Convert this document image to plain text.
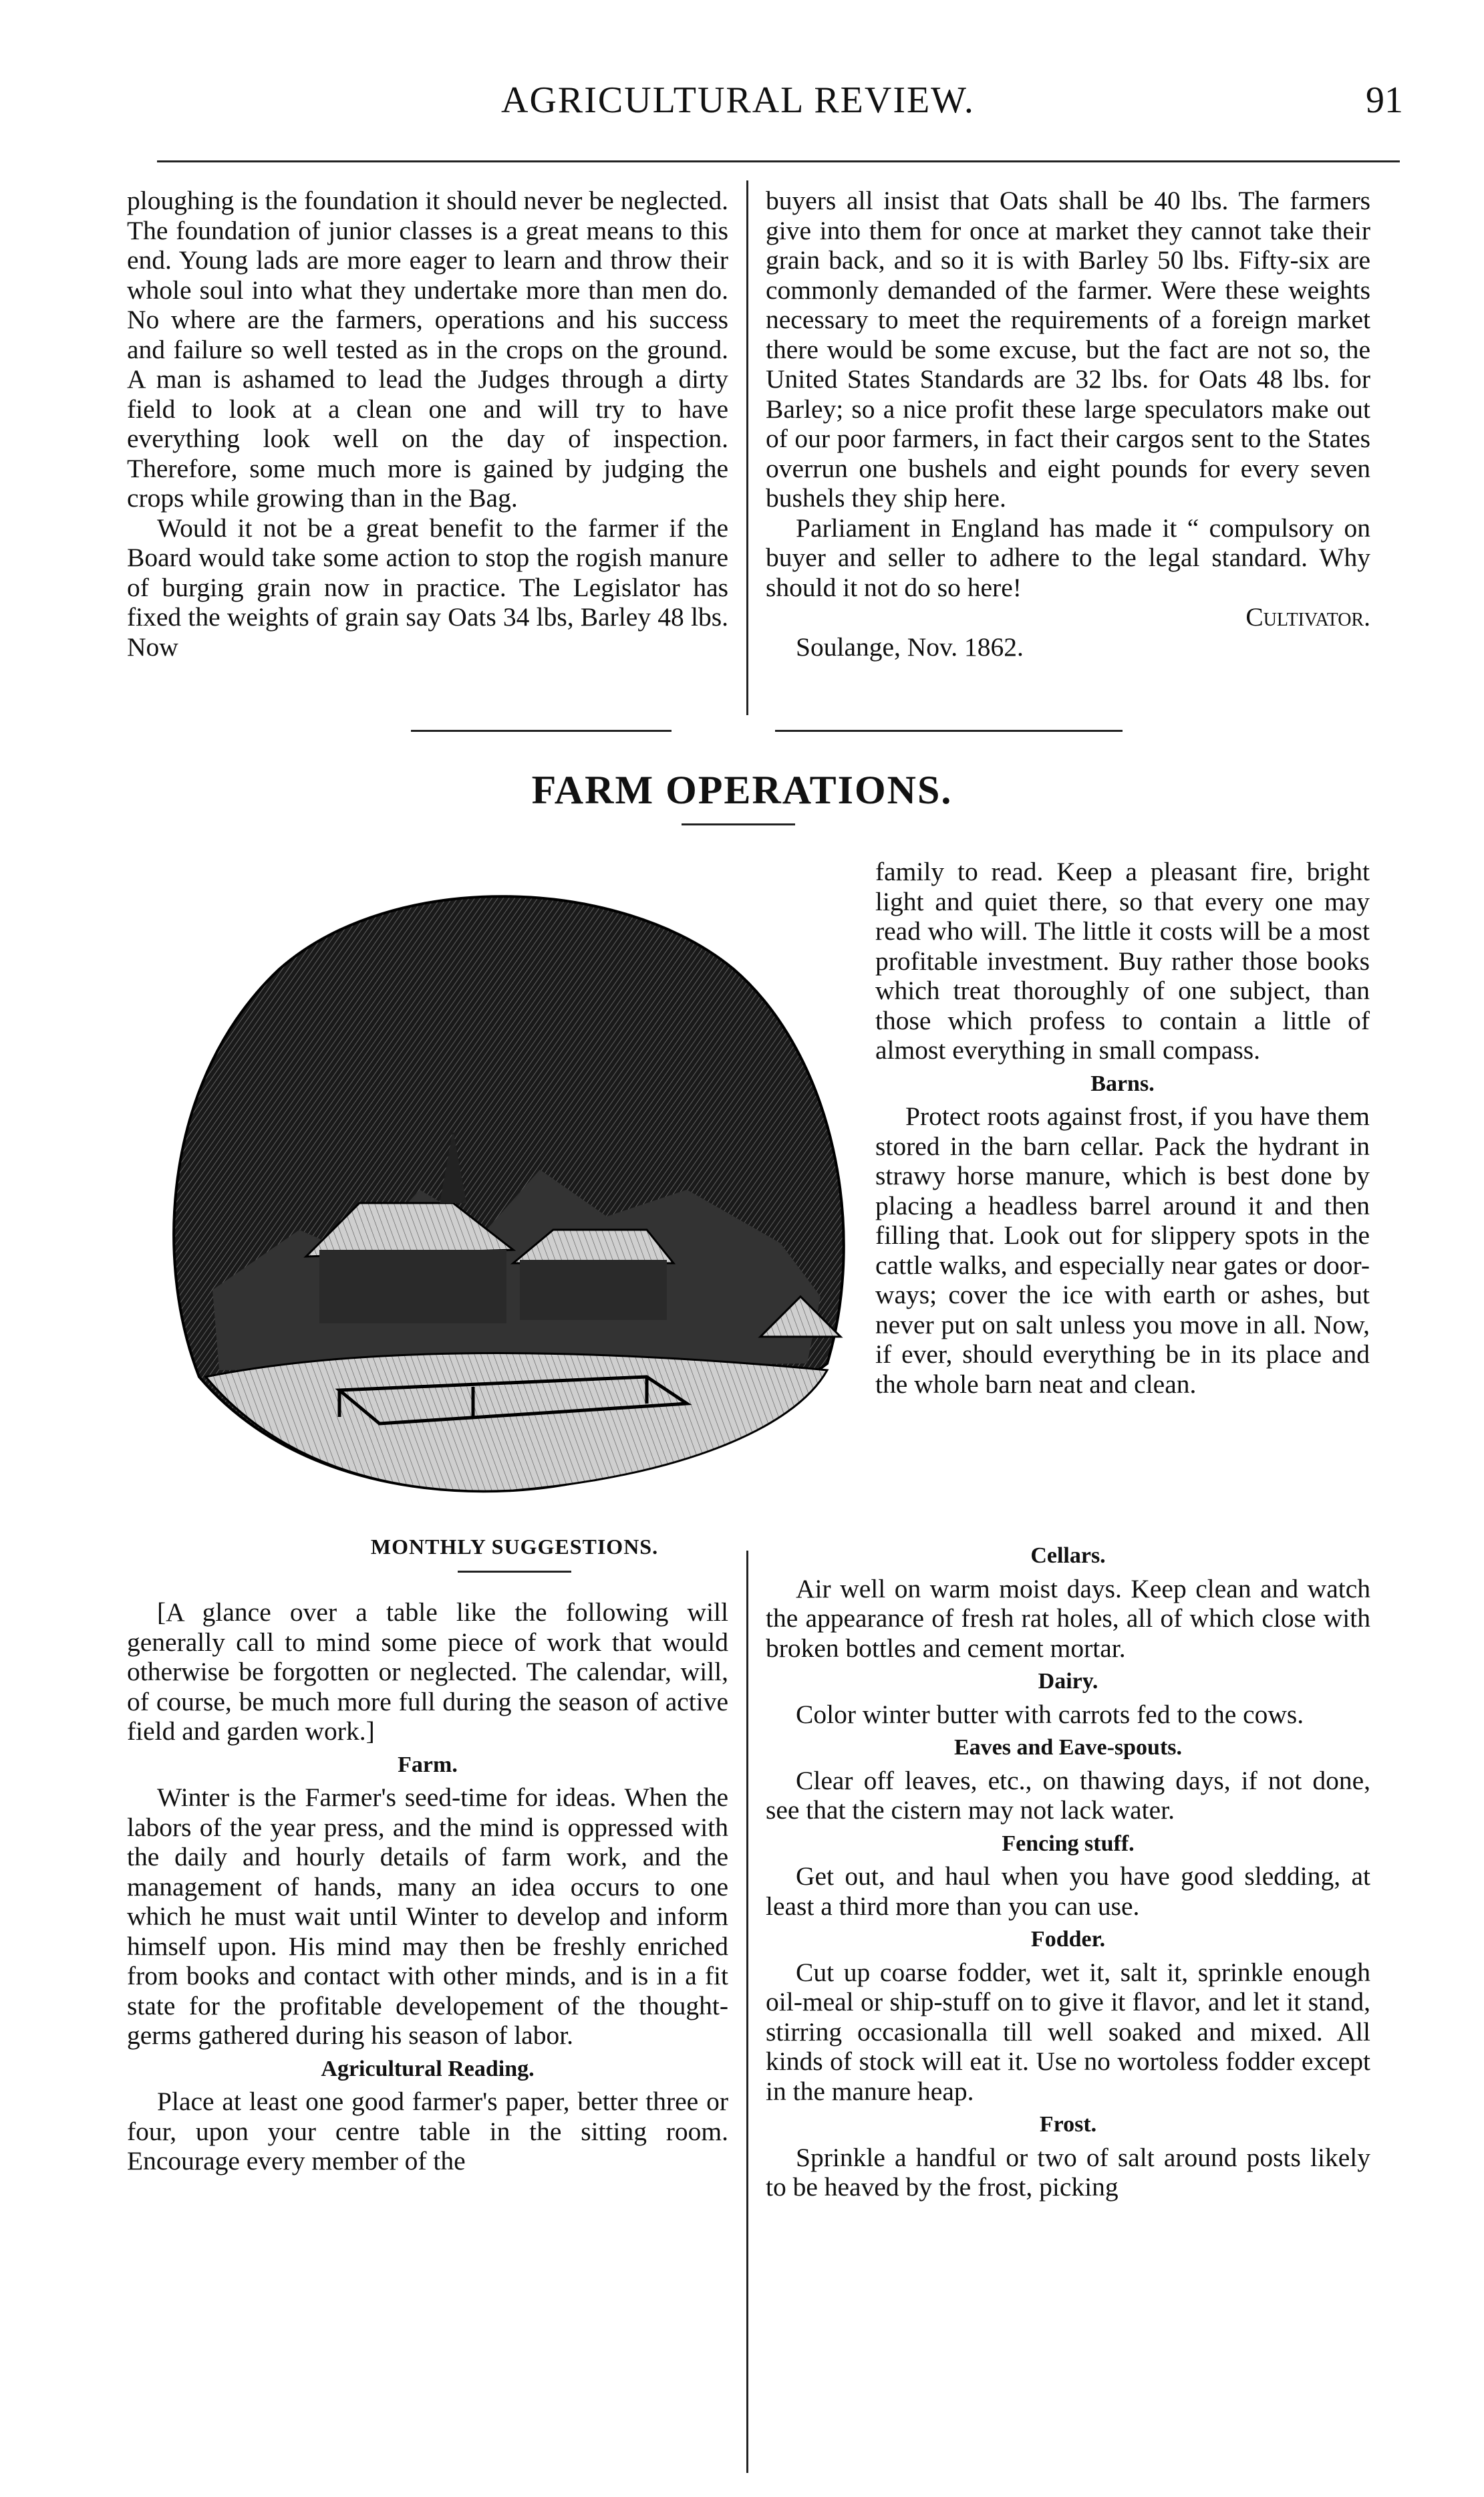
AGRICULTURAL REVIEW.	91

ploughing is the foundation it should never be neglected. The foundation of junior classes is a great means to this end. Young lads are more eager to learn and throw their whole soul into what they undertake more than men do. No where are the farmers, operations and his success and failure so well tested as in the crops on the ground. A man is ashamed to lead the Judges through a dirty field to look at a clean one and will try to have everything look well on the day of inspection. Therefore, some much more is gained by judging the crops while growing than in the Bag.

Would it not be a great benefit to the farmer if the Board would take some action to stop the rogish manure of burging grain now in practice. The Legislator has fixed the weights of grain say Oats 34 lbs, Barley 48 lbs. Now

buyers all insist that Oats shall be 40 lbs. The farmers give into them for once at market they cannot take their grain back, and so it is with Barley 50 lbs. Fifty-six are commonly demanded of the farmer. Were these weights necessary to meet the requirements of a foreign market there would be some excuse, but the fact are not so, the United States Standards are 32 lbs. for Oats 48 lbs. for Barley; so a nice profit these large speculators make out of our poor farmers, in fact their cargos sent to the States overrun one bushels and eight pounds for every seven bushels they ship here.

Parliament in England has made it “ compulsory on buyer and seller to adhere to the legal standard. Why should it not do so here!

Cultivator.
Soulange, Nov. 1862.
FARM OPERATIONS.
MONTHLY SUGGESTIONS.

family to read. Keep a pleasant fire, bright light and quiet there, so that every one may read who will. The little it costs will be a most profitable investment. Buy rather those books which treat thoroughly of one subject, than those which profess to contain a little of almost everything in small compass.

Barns.

Protect roots against frost, if you have them stored in the barn cellar. Pack the hydrant in strawy horse manure, which is best done by placing a headless barrel around it and then filling that. Look out for slippery spots in the cattle walks, and especially near gates or door-ways; cover the ice with earth or ashes, but never put on salt unless you move in all. Now, if ever, should everything be in its place and the whole barn neat and clean.

[A glance over a table like the following will generally call to mind some piece of work that would otherwise be forgotten or neglected. The calendar, will, of course, be much more full during the season of active field and garden work.]

Farm.

Winter is the Farmer's seed-time for ideas. When the labors of the year press, and the mind is oppressed with the daily and hourly details of farm work, and the management of hands, many an idea occurs to one which he must wait until Winter to develop and inform himself upon. His mind may then be freshly enriched from books and contact with other minds, and is in a fit state for the profitable developement of the thought-germs gathered during his season of labor.

Agricultural Reading.

Place at least one good farmer's paper, better three or four, upon your centre table in the sitting room. Encourage every member of the

Cellars.

Air well on warm moist days. Keep clean and watch the appearance of fresh rat holes, all of which close with broken bottles and cement mortar.

Dairy.

Color winter butter with carrots fed to the cows.

Eaves and Eave-spouts.

Clear off leaves, etc., on thawing days, if not done, see that the cistern may not lack water.

Fencing stuff.

Get out, and haul when you have good sledding, at least a third more than you can use.

Fodder.

Cut up coarse fodder, wet it, salt it, sprinkle enough oil-meal or ship-stuff on to give it flavor, and let it stand, stirring occasionalla till well soaked and mixed. All kinds of stock will eat it. Use no wortoless fodder except in the manure heap.

Frost.

Sprinkle a handful or two of salt around posts likely to be heaved by the frost, picking
